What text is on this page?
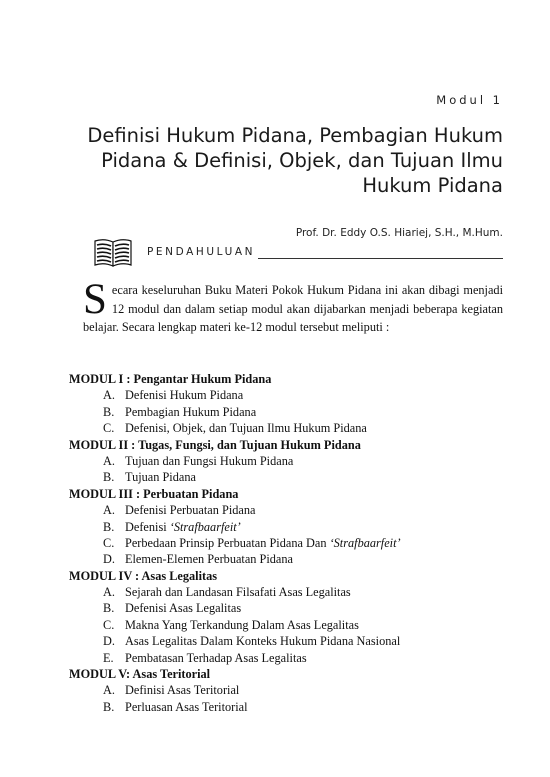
Modul 1
Definisi Hukum Pidana, Pembagian Hukum
Pidana & Definisi, Objek, dan Tujuan Ilmu
Hukum Pidana
Prof. Dr. Eddy O.S. Hiariej, S.H., M.Hum.
PENDAHULUAN
Secara keseluruhan Buku Materi Pokok Hukum Pidana ini akan dibagi menjadi 12 modul dan dalam setiap modul akan dijabarkan menjadi beberapa kegiatan belajar. Secara lengkap materi ke-12 modul tersebut meliputi :
MODUL I : Pengantar Hukum Pidana
A. Defenisi Hukum Pidana
B. Pembagian Hukum Pidana
C. Defenisi, Objek, dan Tujuan Ilmu Hukum Pidana
MODUL II : Tugas, Fungsi, dan Tujuan Hukum Pidana
A. Tujuan dan Fungsi Hukum Pidana
B. Tujuan Pidana
MODUL III : Perbuatan Pidana
A. Defenisi Perbuatan Pidana
B. Defenisi ‘Strafbaarfeit’
C. Perbedaan Prinsip Perbuatan Pidana Dan ‘Strafbaarfeit’
D. Elemen-Elemen Perbuatan Pidana
MODUL IV : Asas Legalitas
A. Sejarah dan Landasan Filsafati Asas Legalitas
B. Defenisi Asas Legalitas
C. Makna Yang Terkandung Dalam Asas Legalitas
D. Asas Legalitas Dalam Konteks Hukum Pidana Nasional
E. Pembatasan Terhadap Asas Legalitas
MODUL V: Asas Teritorial
A. Definisi Asas Teritorial
B. Perluasan Asas Teritorial
